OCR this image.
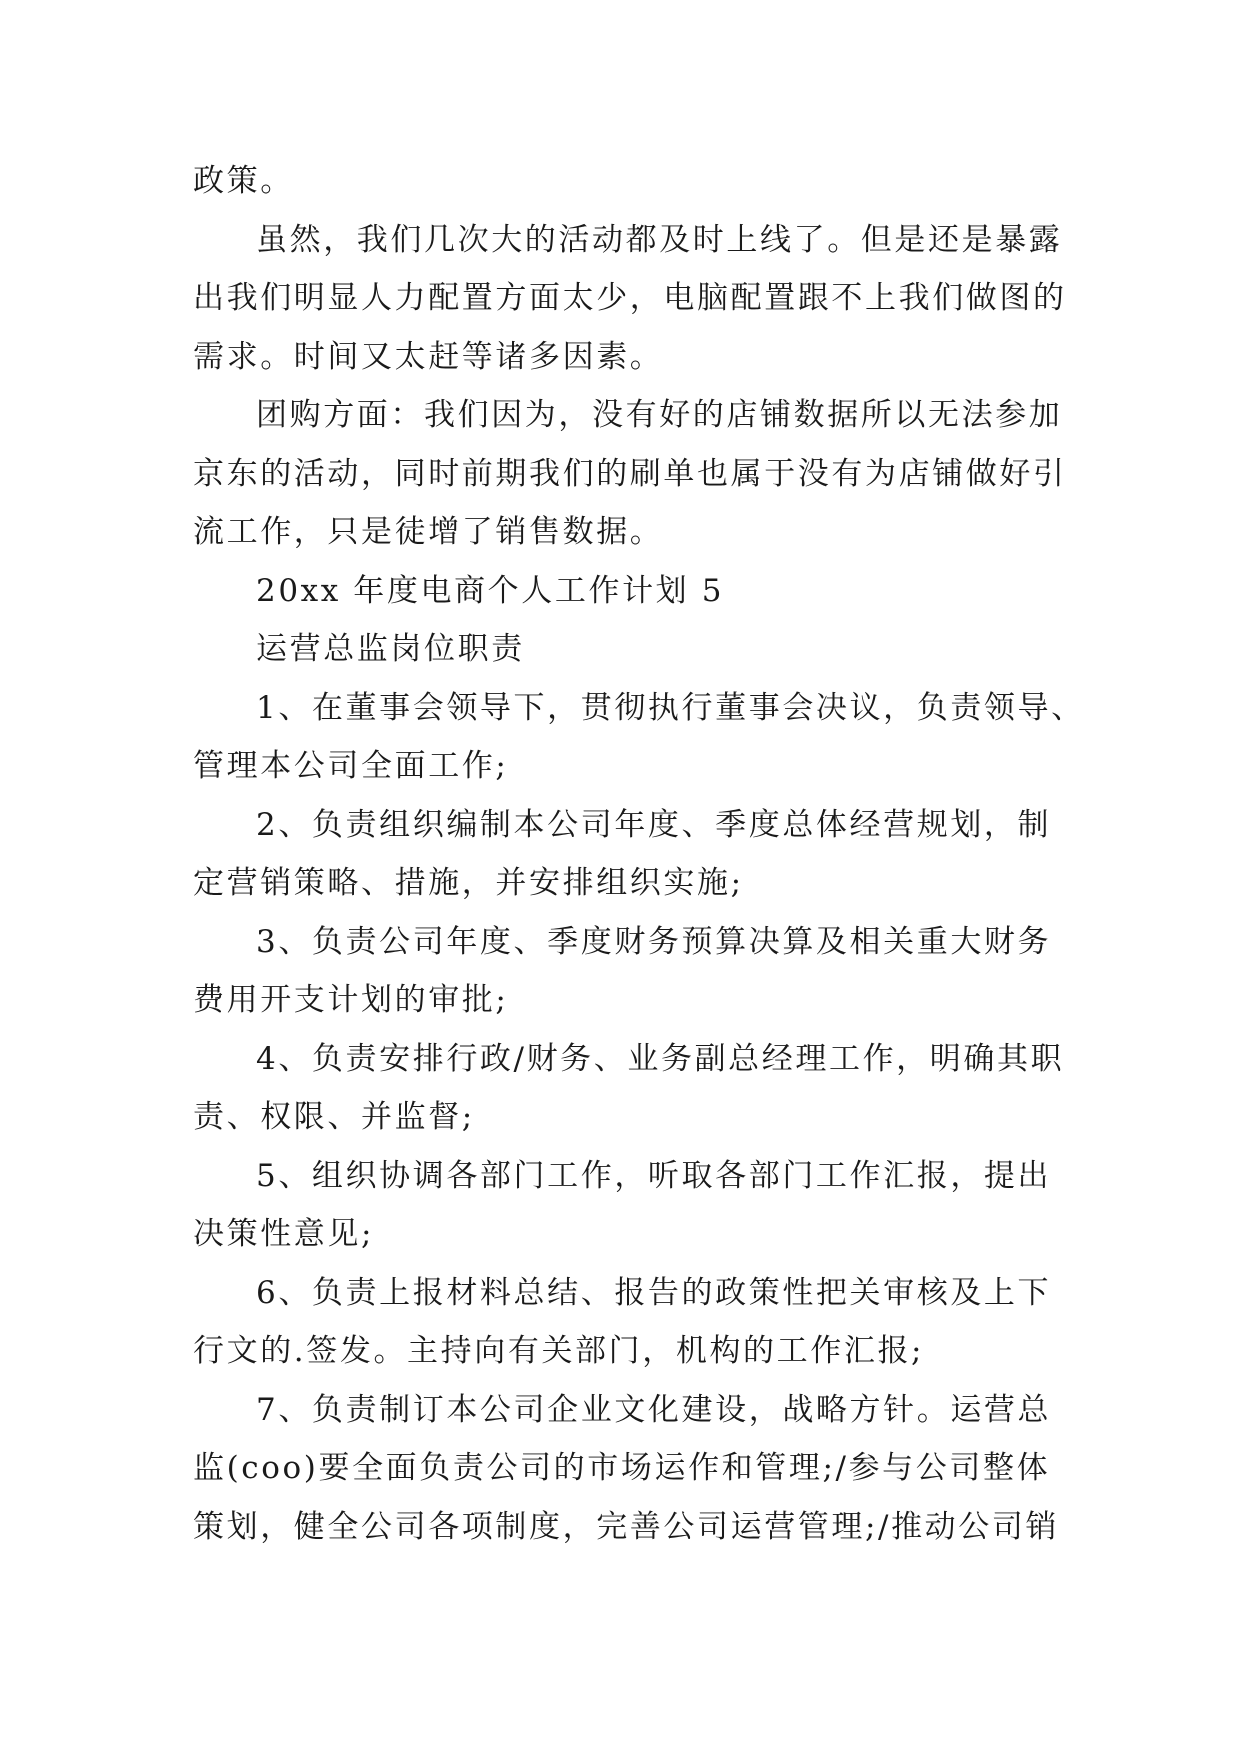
政策。
虽然，我们几次大的活动都及时上线了。但是还是暴露
出我们明显人力配置方面太少，电脑配置跟不上我们做图的
需求。时间又太赶等诸多因素。
团购方面：我们因为，没有好的店铺数据所以无法参加
京东的活动，同时前期我们的刷单也属于没有为店铺做好引
流工作，只是徒增了销售数据。
20xx 年度电商个人工作计划 5
运营总监岗位职责
1、在董事会领导下，贯彻执行董事会决议，负责领导、
管理本公司全面工作;
2、负责组织编制本公司年度、季度总体经营规划，制
定营销策略、措施，并安排组织实施;
3、负责公司年度、季度财务预算决算及相关重大财务
费用开支计划的审批;
4、负责安排行政/财务、业务副总经理工作，明确其职
责、权限、并监督;
5、组织协调各部门工作，听取各部门工作汇报，提出
决策性意见;
6、负责上报材料总结、报告的政策性把关审核及上下
行文的.签发。主持向有关部门，机构的工作汇报;
7、负责制订本公司企业文化建设，战略方针。运营总
监(coo)要全面负责公司的市场运作和管理;/参与公司整体
策划，健全公司各项制度，完善公司运营管理;/推动公司销
